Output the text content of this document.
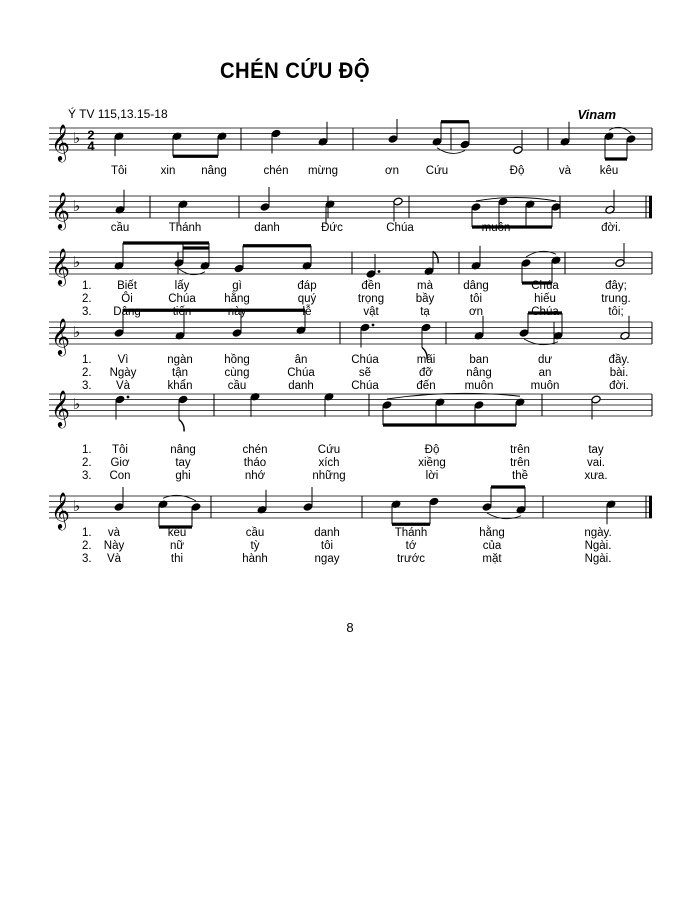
CHÉN CỨU ĐỘ
Ý TV 115,13.15-18	Vinam
2
4
𝄞 ♭
𝄞 ♭
𝄞 ♭
𝄞 ♭
𝄞 ♭
𝄞 ♭
Tôi	xin nâng	chén mừng	ơn Cứu	Độ	và kêu
cầu	Thánh	danh	Đức	Chúa	muôn	đời.
1. Biết	lấy	gì	đáp	đền	mà	dâng	Chúa	đây;
2.	Ôi	Chúa hằng	quý	trọng	bầy	tôi	hiếu	trung.
3. Dâng	tiến	này	lễ	vật	tạ	ơn	Chúa	tôi;
1. Vì	ngàn	hồng	ân	Chúa	mãi	ban	dư	đầy.
2. Ngày	tận	cùng	Chúa	sẽ	đỡ	nâng	an	bài.
3. Và	khẩn	cầu	danh	Chúa	đến	muôn	muôn	đời.
1. Tôi	nâng	chén	Cứu	Độ	trên	tay
2. Giơ	tay	tháo	xích	xiềng	trên	vai.
3. Con	ghi	nhớ	những	lời	thề	xưa.
1. và	kêu	cầu	danh	Thánh	hằng	ngày.
2. Này	nữ	tỳ	tôi	tớ	của	Ngài.
3. Và	thi	hành	ngay	trước	mặt	Ngài.
8
